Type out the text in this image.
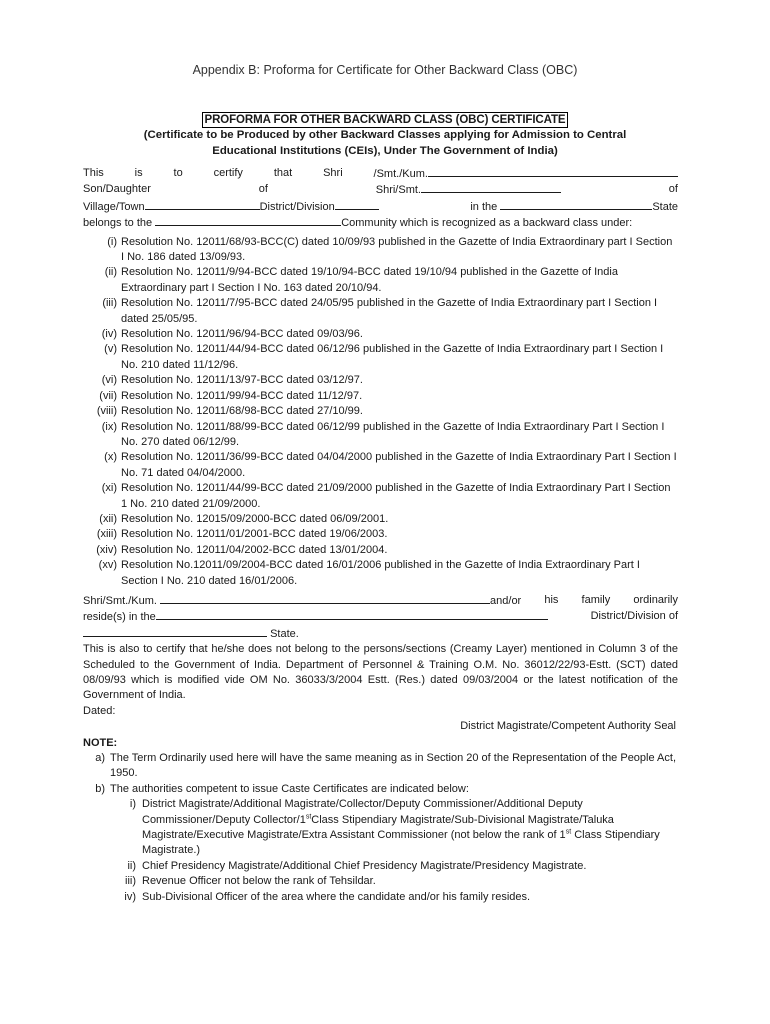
Appendix B: Proforma for Certificate for Other Backward Class (OBC)
PROFORMA FOR OTHER BACKWARD CLASS (OBC) CERTIFICATE
(Certificate to be Produced by other Backward Classes applying for Admission to Central Educational Institutions (CEIs), Under The Government of India)
This	is	to	certify	that	Shri	/Smt./Kum.
Son/Daughter	of	Shri/Smt.	of
Village/Town	District/Division	in the	State
belongs to the	Community which is recognized as a backward class under:
(i) Resolution No. 12011/68/93-BCC(C) dated 10/09/93 published in the Gazette of India Extraordinary part I Section I No. 186 dated 13/09/93.
(ii) Resolution No. 12011/9/94-BCC dated 19/10/94-BCC dated 19/10/94 published in the Gazette of India Extraordinary part I Section I No. 163 dated 20/10/94.
(iii) Resolution No. 12011/7/95-BCC dated 24/05/95 published in the Gazette of India Extraordinary part I Section I dated 25/05/95.
(iv) Resolution No. 12011/96/94-BCC dated 09/03/96.
(v) Resolution No. 12011/44/94-BCC dated 06/12/96 published in the Gazette of India Extraordinary part I Section I No. 210 dated 11/12/96.
(vi) Resolution No. 12011/13/97-BCC dated 03/12/97.
(vii) Resolution No. 12011/99/94-BCC dated 11/12/97.
(viii) Resolution No. 12011/68/98-BCC dated 27/10/99.
(ix) Resolution No. 12011/88/99-BCC dated 06/12/99 published in the Gazette of India Extraordinary Part I Section I No. 270 dated 06/12/99.
(x) Resolution No. 12011/36/99-BCC dated 04/04/2000 published in the Gazette of India Extraordinary Part I Section I No. 71 dated 04/04/2000.
(xi) Resolution No. 12011/44/99-BCC dated 21/09/2000 published in the Gazette of India Extraordinary Part I Section 1 No. 210 dated 21/09/2000.
(xii) Resolution No. 12015/09/2000-BCC dated 06/09/2001.
(xiii) Resolution No. 12011/01/2001-BCC dated 19/06/2003.
(xiv) Resolution No. 12011/04/2002-BCC dated 13/01/2004.
(xv) Resolution No.12011/09/2004-BCC dated 16/01/2006 published in the Gazette of India Extraordinary Part I Section I No. 210 dated 16/01/2006.
Shri/Smt./Kum.	and/or his family ordinarily
reside(s) in the	District/Division of
State.
This is also to certify that he/she does not belong to the persons/sections (Creamy Layer) mentioned in Column 3 of the Scheduled to the Government of India. Department of Personnel & Training O.M. No. 36012/22/93-Estt. (SCT) dated 08/09/93 which is modified vide OM No. 36033/3/2004 Estt. (Res.) dated 09/03/2004 or the latest notification of the Government of India.
Dated:
District Magistrate/Competent Authority Seal
NOTE:
a) The Term Ordinarily used here will have the same meaning as in Section 20 of the Representation of the People Act, 1950.
b) The authorities competent to issue Caste Certificates are indicated below:
i) District Magistrate/Additional Magistrate/Collector/Deputy Commissioner/Additional Deputy Commissioner/Deputy Collector/1stClass Stipendiary Magistrate/Sub-Divisional Magistrate/Taluka Magistrate/Executive Magistrate/Extra Assistant Commissioner (not below the rank of 1st Class Stipendiary Magistrate.)
ii) Chief Presidency Magistrate/Additional Chief Presidency Magistrate/Presidency Magistrate.
iii) Revenue Officer not below the rank of Tehsildar.
iv) Sub-Divisional Officer of the area where the candidate and/or his family resides.
